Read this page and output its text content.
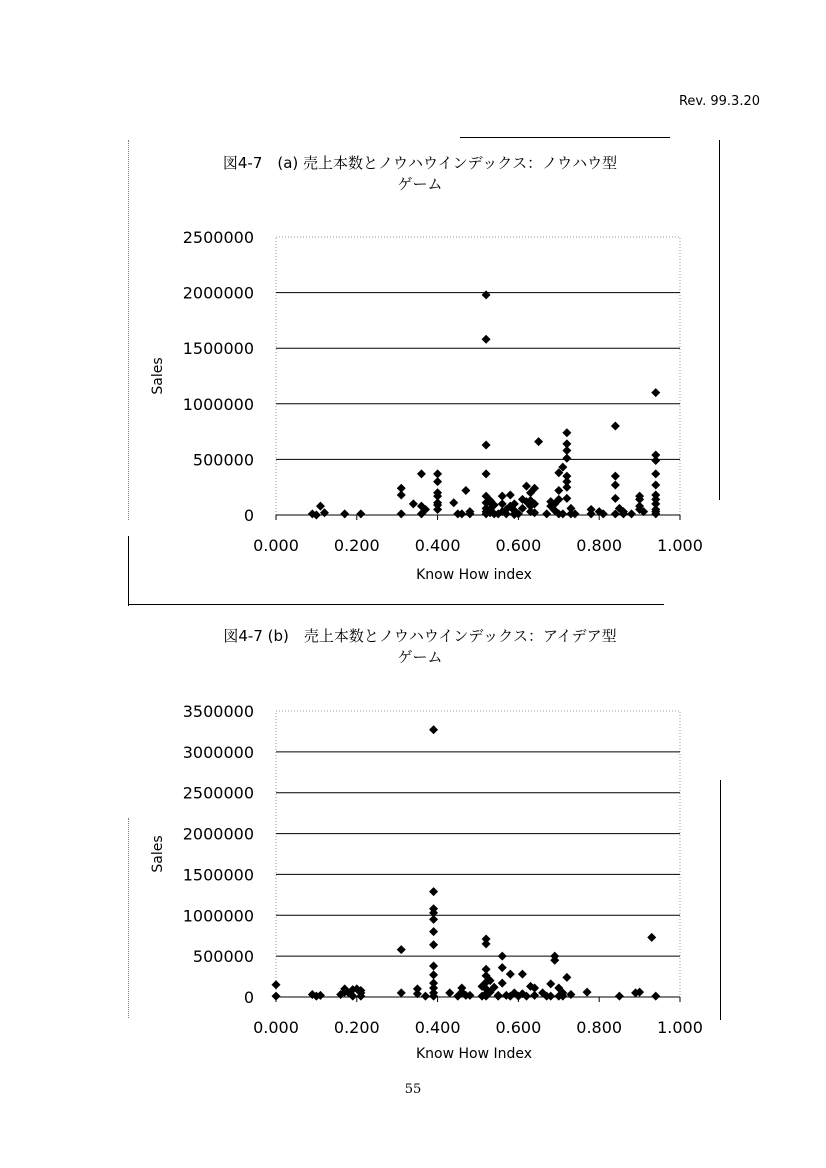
Rev. 99.3.20
図4-7　(a) 売上本数とノウハウインデックス：ノウハウ型
ゲーム
0
500000
1000000
1500000
2000000
2500000
0.000 0.200 0.400 0.600 0.800 1.000
Sales
Know How index
図4-7 (b)　売上本数とノウハウインデックス：アイデア型
ゲーム
0
500000
1000000
1500000
2000000
2500000
3000000
3500000
0.000 0.200 0.400 0.600 0.800 1.000
Sales
Know How Index
55
